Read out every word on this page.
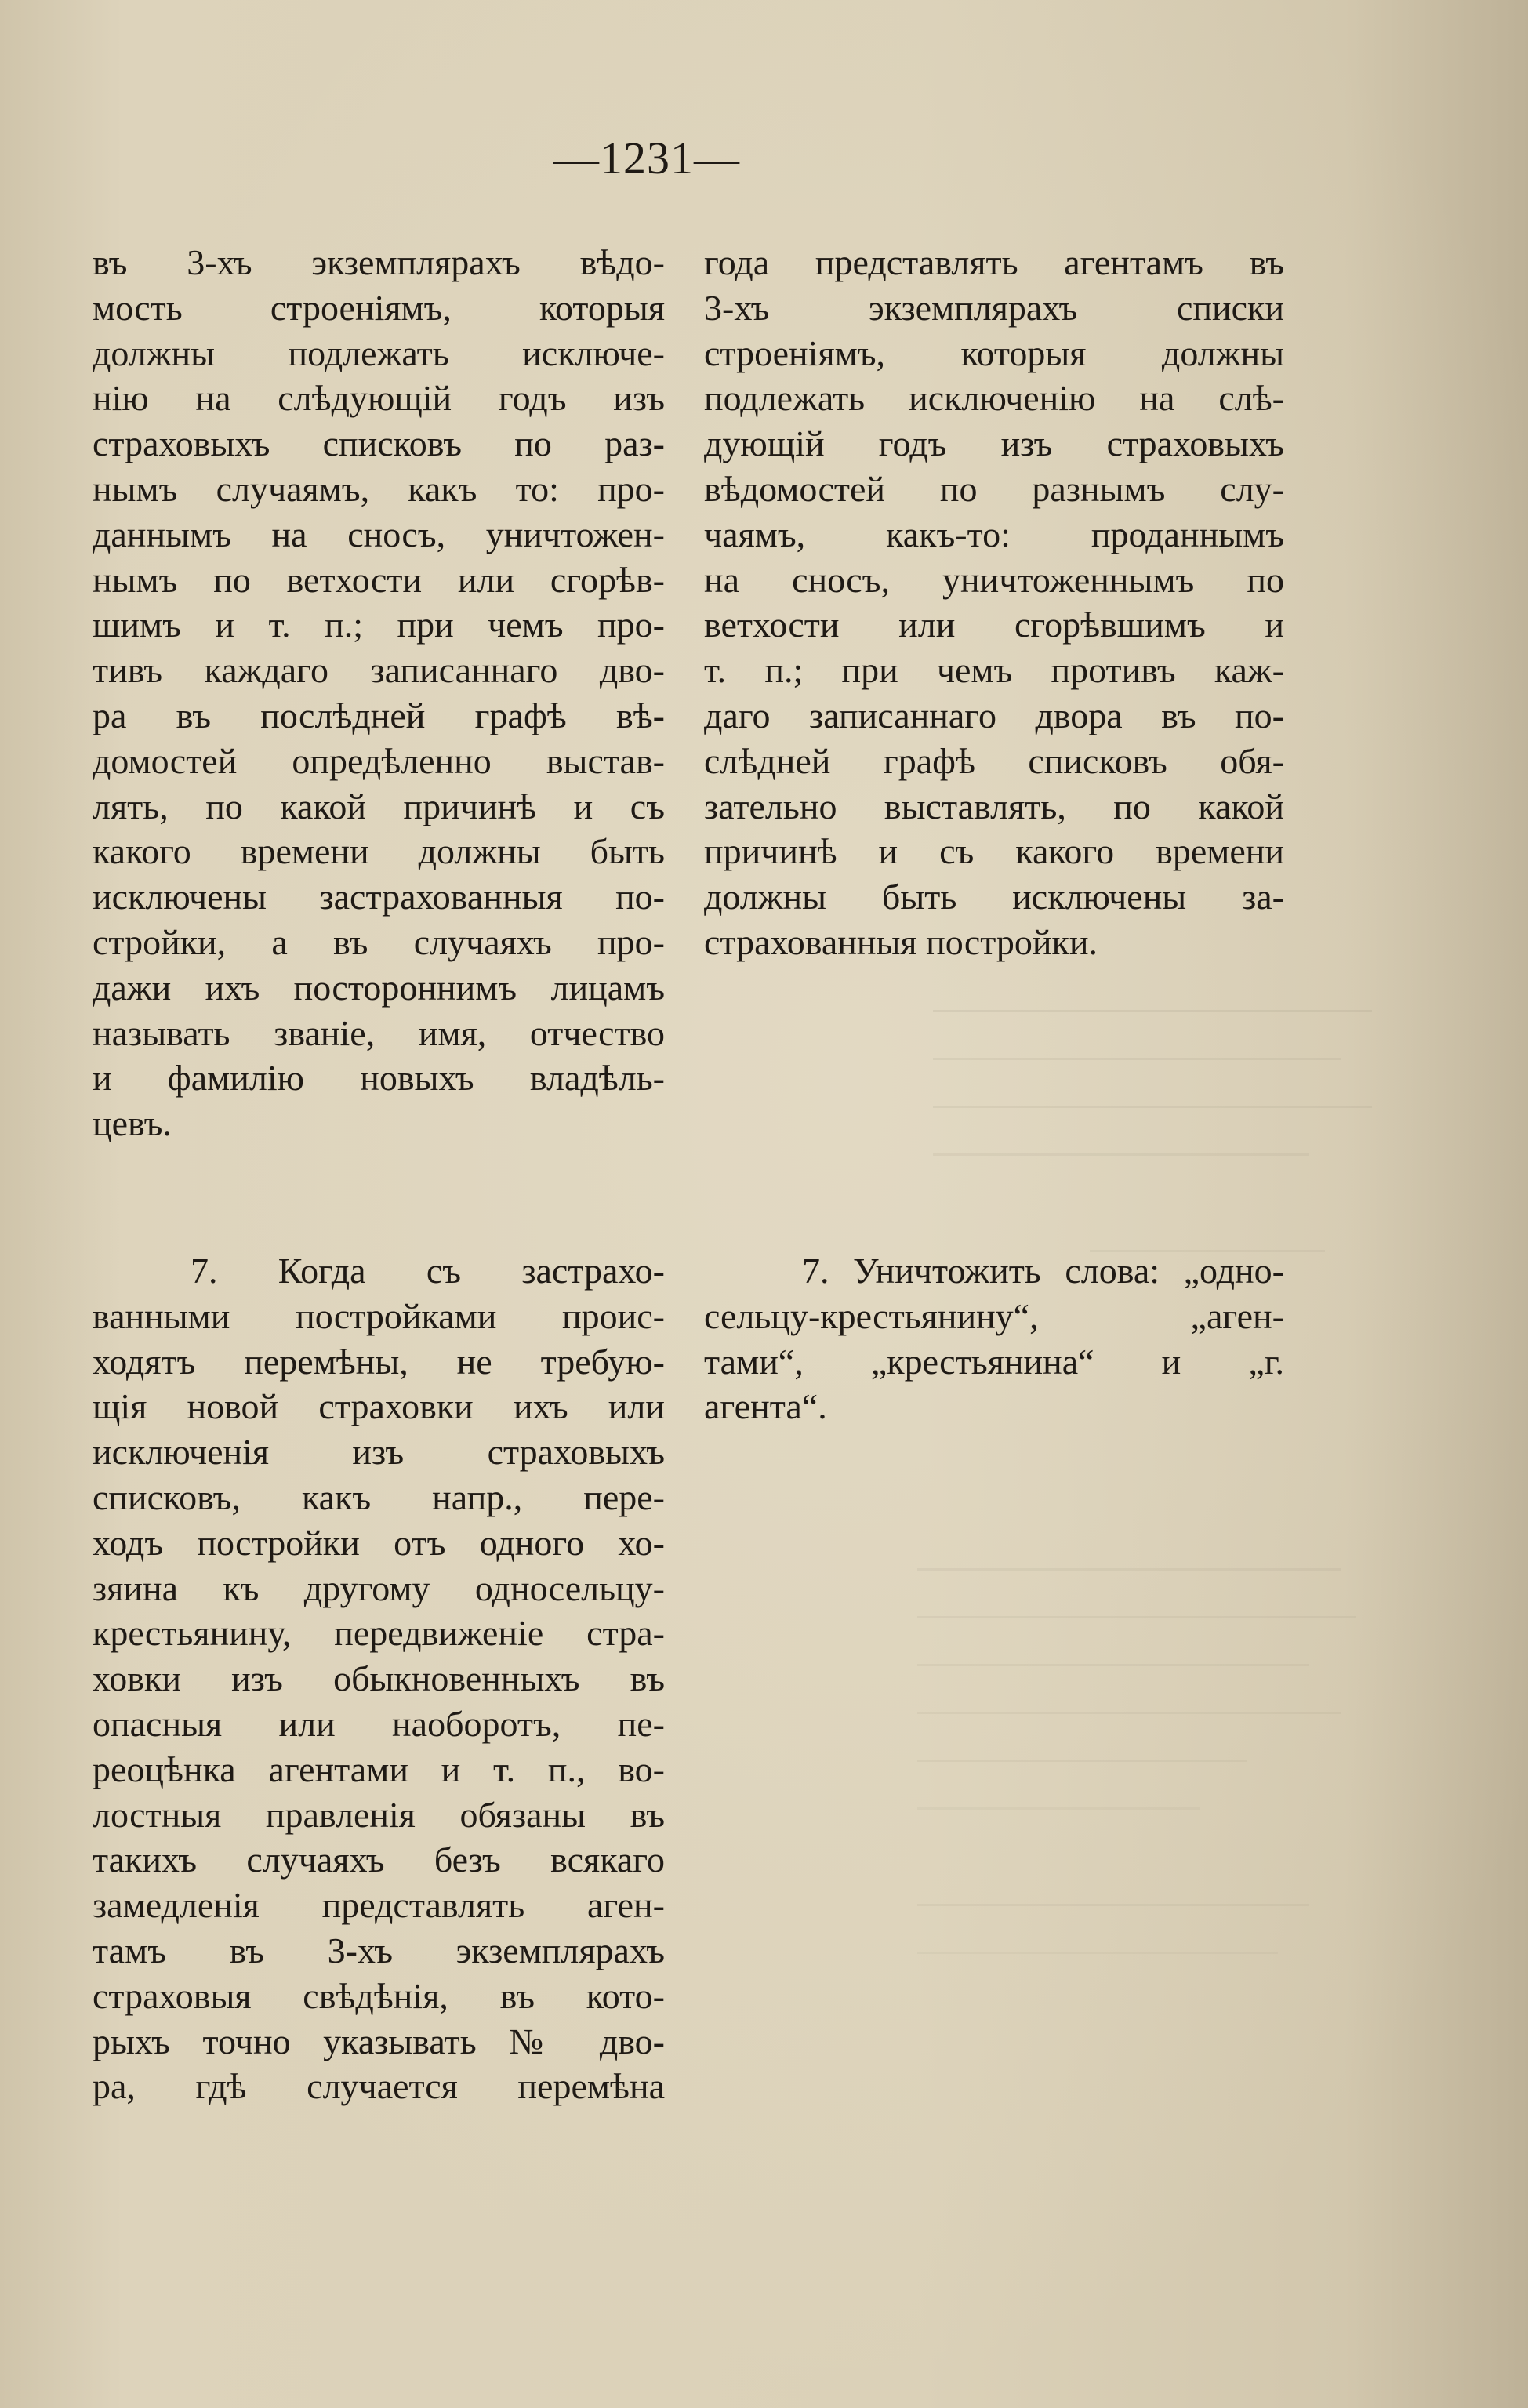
—1231—
въ 3-хъ экземплярахъ вѣдо-
мость строеніямъ, которыя
должны подлежать исключе-
нію на слѣдующій годъ изъ
страховыхъ списковъ по раз-
нымъ случаямъ, какъ то: про-
даннымъ на сносъ, уничтожен-
нымъ по ветхости или сгорѣв-
шимъ и т. п.; при чемъ про-
тивъ каждаго записаннаго дво-
ра въ послѣдней графѣ вѣ-
домостей опредѣленно выстав-
лять, по какой причинѣ и съ
какого времени должны быть
исключены застрахованныя по-
стройки, а въ случаяхъ про-
дажи ихъ постороннимъ лицамъ
называть званіе, имя, отчество
и фамилію новыхъ владѣль-
цевъ.
7. Когда съ застрахо-
ванными постройками проис-
ходятъ перемѣны, не требую-
щія новой страховки ихъ или
исключенія изъ страховыхъ
списковъ, какъ напр., пере-
ходъ постройки отъ одного хо-
зяина къ другому односельцу-
крестьянину, передвиженіе стра-
ховки изъ обыкновенныхъ въ
опасныя или наоборотъ, пе-
реоцѣнка агентами и т. п., во-
лостныя правленія обязаны въ
такихъ случаяхъ безъ всякаго
замедленія представлять аген-
тамъ въ 3-хъ экземплярахъ
страховыя свѣдѣнія, въ кото-
рыхъ точно указывать № дво-
ра, гдѣ случается перемѣна
года представлять агентамъ въ
3-хъ экземплярахъ списки
строеніямъ, которыя должны
подлежать исключенію на слѣ-
дующій годъ изъ страховыхъ
вѣдомостей по разнымъ слу-
чаямъ, какъ-то: проданнымъ
на сносъ, уничтоженнымъ по
ветхости или сгорѣвшимъ и
т. п.; при чемъ противъ каж-
даго записаннаго двора въ по-
слѣдней графѣ списковъ обя-
зательно выставлять, по какой
причинѣ и съ какого времени
должны быть исключены за-
страхованныя постройки.
7. Уничтожить слова: „одно-
сельцу-крестьянину“, „аген-
тами“, „крестьянина“ и „г.
агента“.
